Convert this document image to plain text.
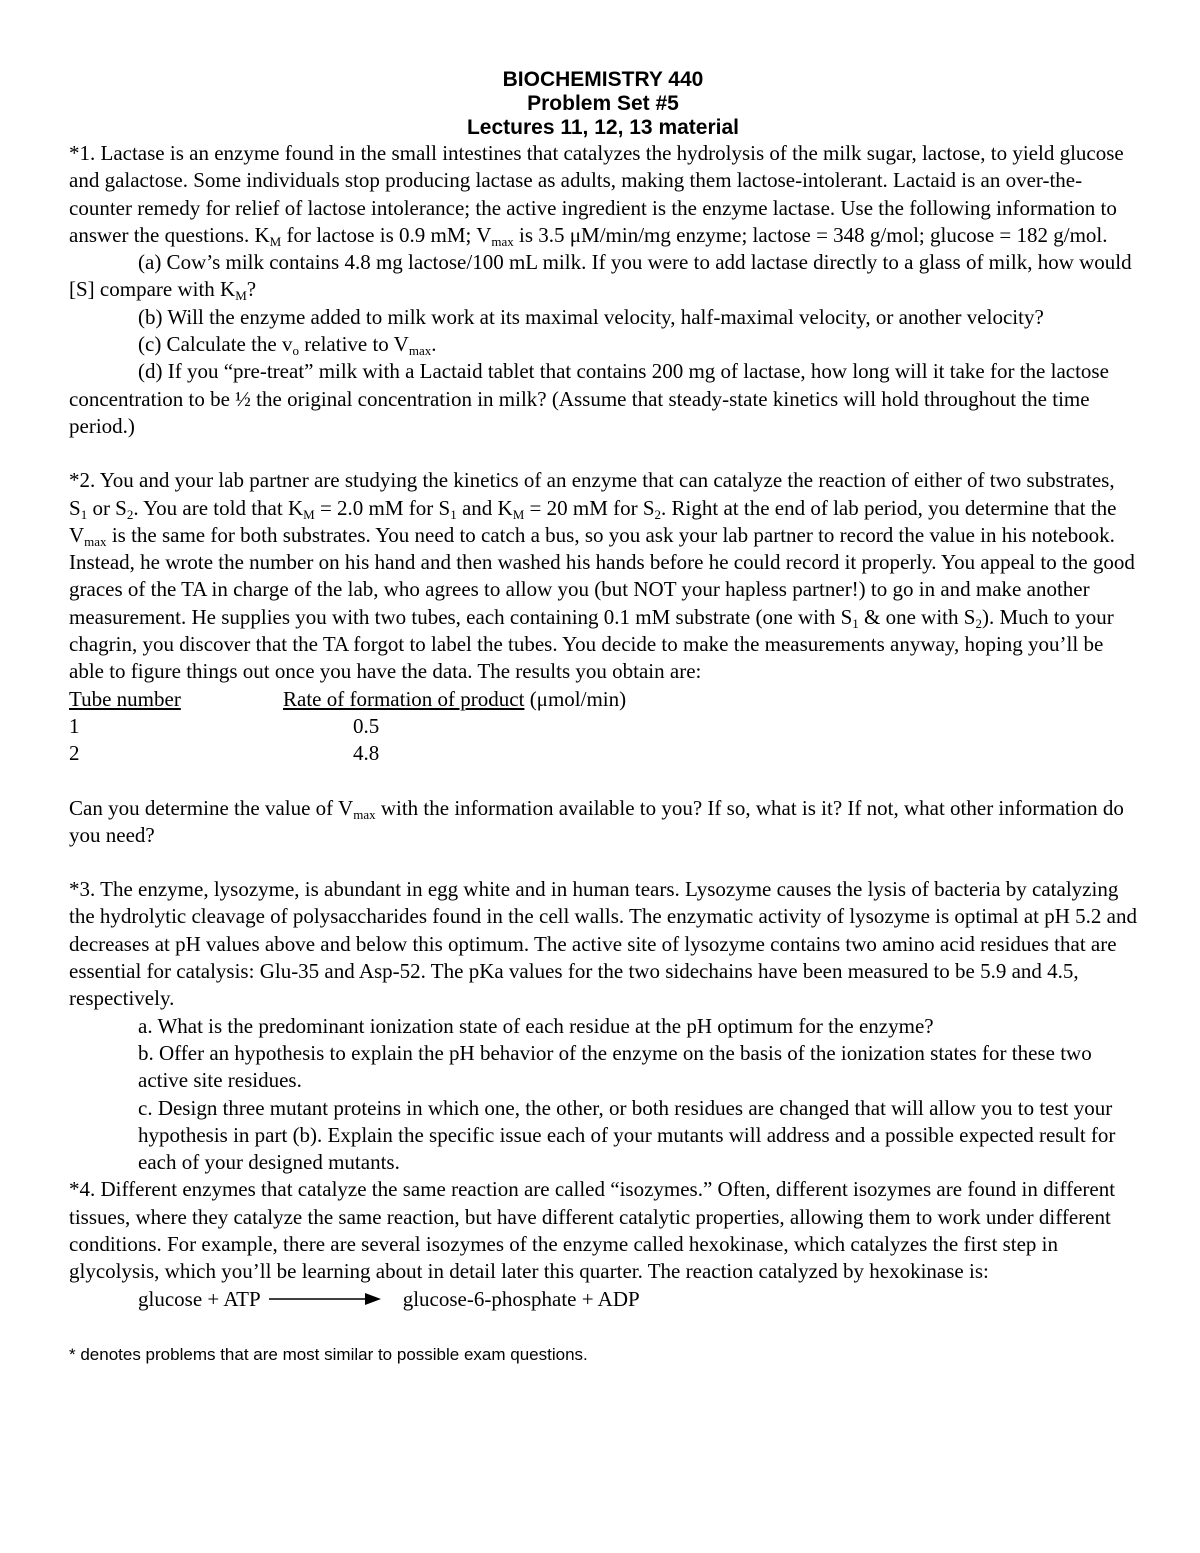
BIOCHEMISTRY 440
Problem Set #5
Lectures 11, 12, 13 material

*1. Lactase is an enzyme found in the small intestines that catalyzes the hydrolysis of the milk sugar, lactose, to yield glucose and galactose. Some individuals stop producing lactase as adults, making them lactose-intolerant. Lactaid is an over-the-counter remedy for relief of lactose intolerance; the active ingredient is the enzyme lactase. Use the following information to answer the questions. $K_M$ for lactose is 0.9 mM; $V_{max}$ is 3.5 μM/min/mg enzyme; lactose = 348 g/mol; glucose = 182 g/mol.

(a) Cow’s milk contains 4.8 mg lactose/100 mL milk. If you were to add lactase directly to a glass of milk, how would [S] compare with $K_M$?

(b) Will the enzyme added to milk work at its maximal velocity, half-maximal velocity, or another velocity?

(c) Calculate the $v_o$ relative to $V_{max}$.

(d) If you “pre-treat” milk with a Lactaid tablet that contains 200 mg of lactase, how long will it take for the lactose concentration to be ½ the original concentration in milk? (Assume that steady-state kinetics will hold throughout the time period.)

*2. You and your lab partner are studying the kinetics of an enzyme that can catalyze the reaction of either of two substrates, $S_1$ or $S_2$. You are told that $K_M = 2.0$ mM for $S_1$ and $K_M = 20$ mM for $S_2$. Right at the end of lab period, you determine that the $V_{max}$ is the same for both substrates. You need to catch a bus, so you ask your lab partner to record the value in his notebook. Instead, he wrote the number on his hand and then washed his hands before he could record it properly. You appeal to the good graces of the TA in charge of the lab, who agrees to allow you (but NOT your hapless partner!) to go in and make another measurement. He supplies you with two tubes, each containing 0.1 mM substrate (one with $S_1$ & one with $S_2$). Much to your chagrin, you discover that the TA forgot to label the tubes. You decide to make the measurements anyway, hoping you’ll be able to figure things out once you have the data. The results you obtain are:

Tube number	Rate of formation of product (μmol/min)
1	0.5
2	4.8

Can you determine the value of $V_{max}$ with the information available to you? If so, what is it? If not, what other information do you need?

*3. The enzyme, lysozyme, is abundant in egg white and in human tears. Lysozyme causes the lysis of bacteria by catalyzing the hydrolytic cleavage of polysaccharides found in the cell walls. The enzymatic activity of lysozyme is optimal at pH 5.2 and decreases at pH values above and below this optimum. The active site of lysozyme contains two amino acid residues that are essential for catalysis: Glu-35 and Asp-52. The pKa values for the two sidechains have been measured to be 5.9 and 4.5, respectively.

a. What is the predominant ionization state of each residue at the pH optimum for the enzyme?

b. Offer an hypothesis to explain the pH behavior of the enzyme on the basis of the ionization states for these two active site residues.

c. Design three mutant proteins in which one, the other, or both residues are changed that will allow you to test your hypothesis in part (b). Explain the specific issue each of your mutants will address and a possible expected result for each of your designed mutants.

*4. Different enzymes that catalyze the same reaction are called “isozymes.” Often, different isozymes are found in different tissues, where they catalyze the same reaction, but have different catalytic properties, allowing them to work under different conditions. For example, there are several isozymes of the enzyme called hexokinase, which catalyzes the first step in glycolysis, which you’ll be learning about in detail later this quarter. The reaction catalyzed by hexokinase is:

glucose + ATP	glucose-6-phosphate + ADP
* denotes problems that are most similar to possible exam questions.
